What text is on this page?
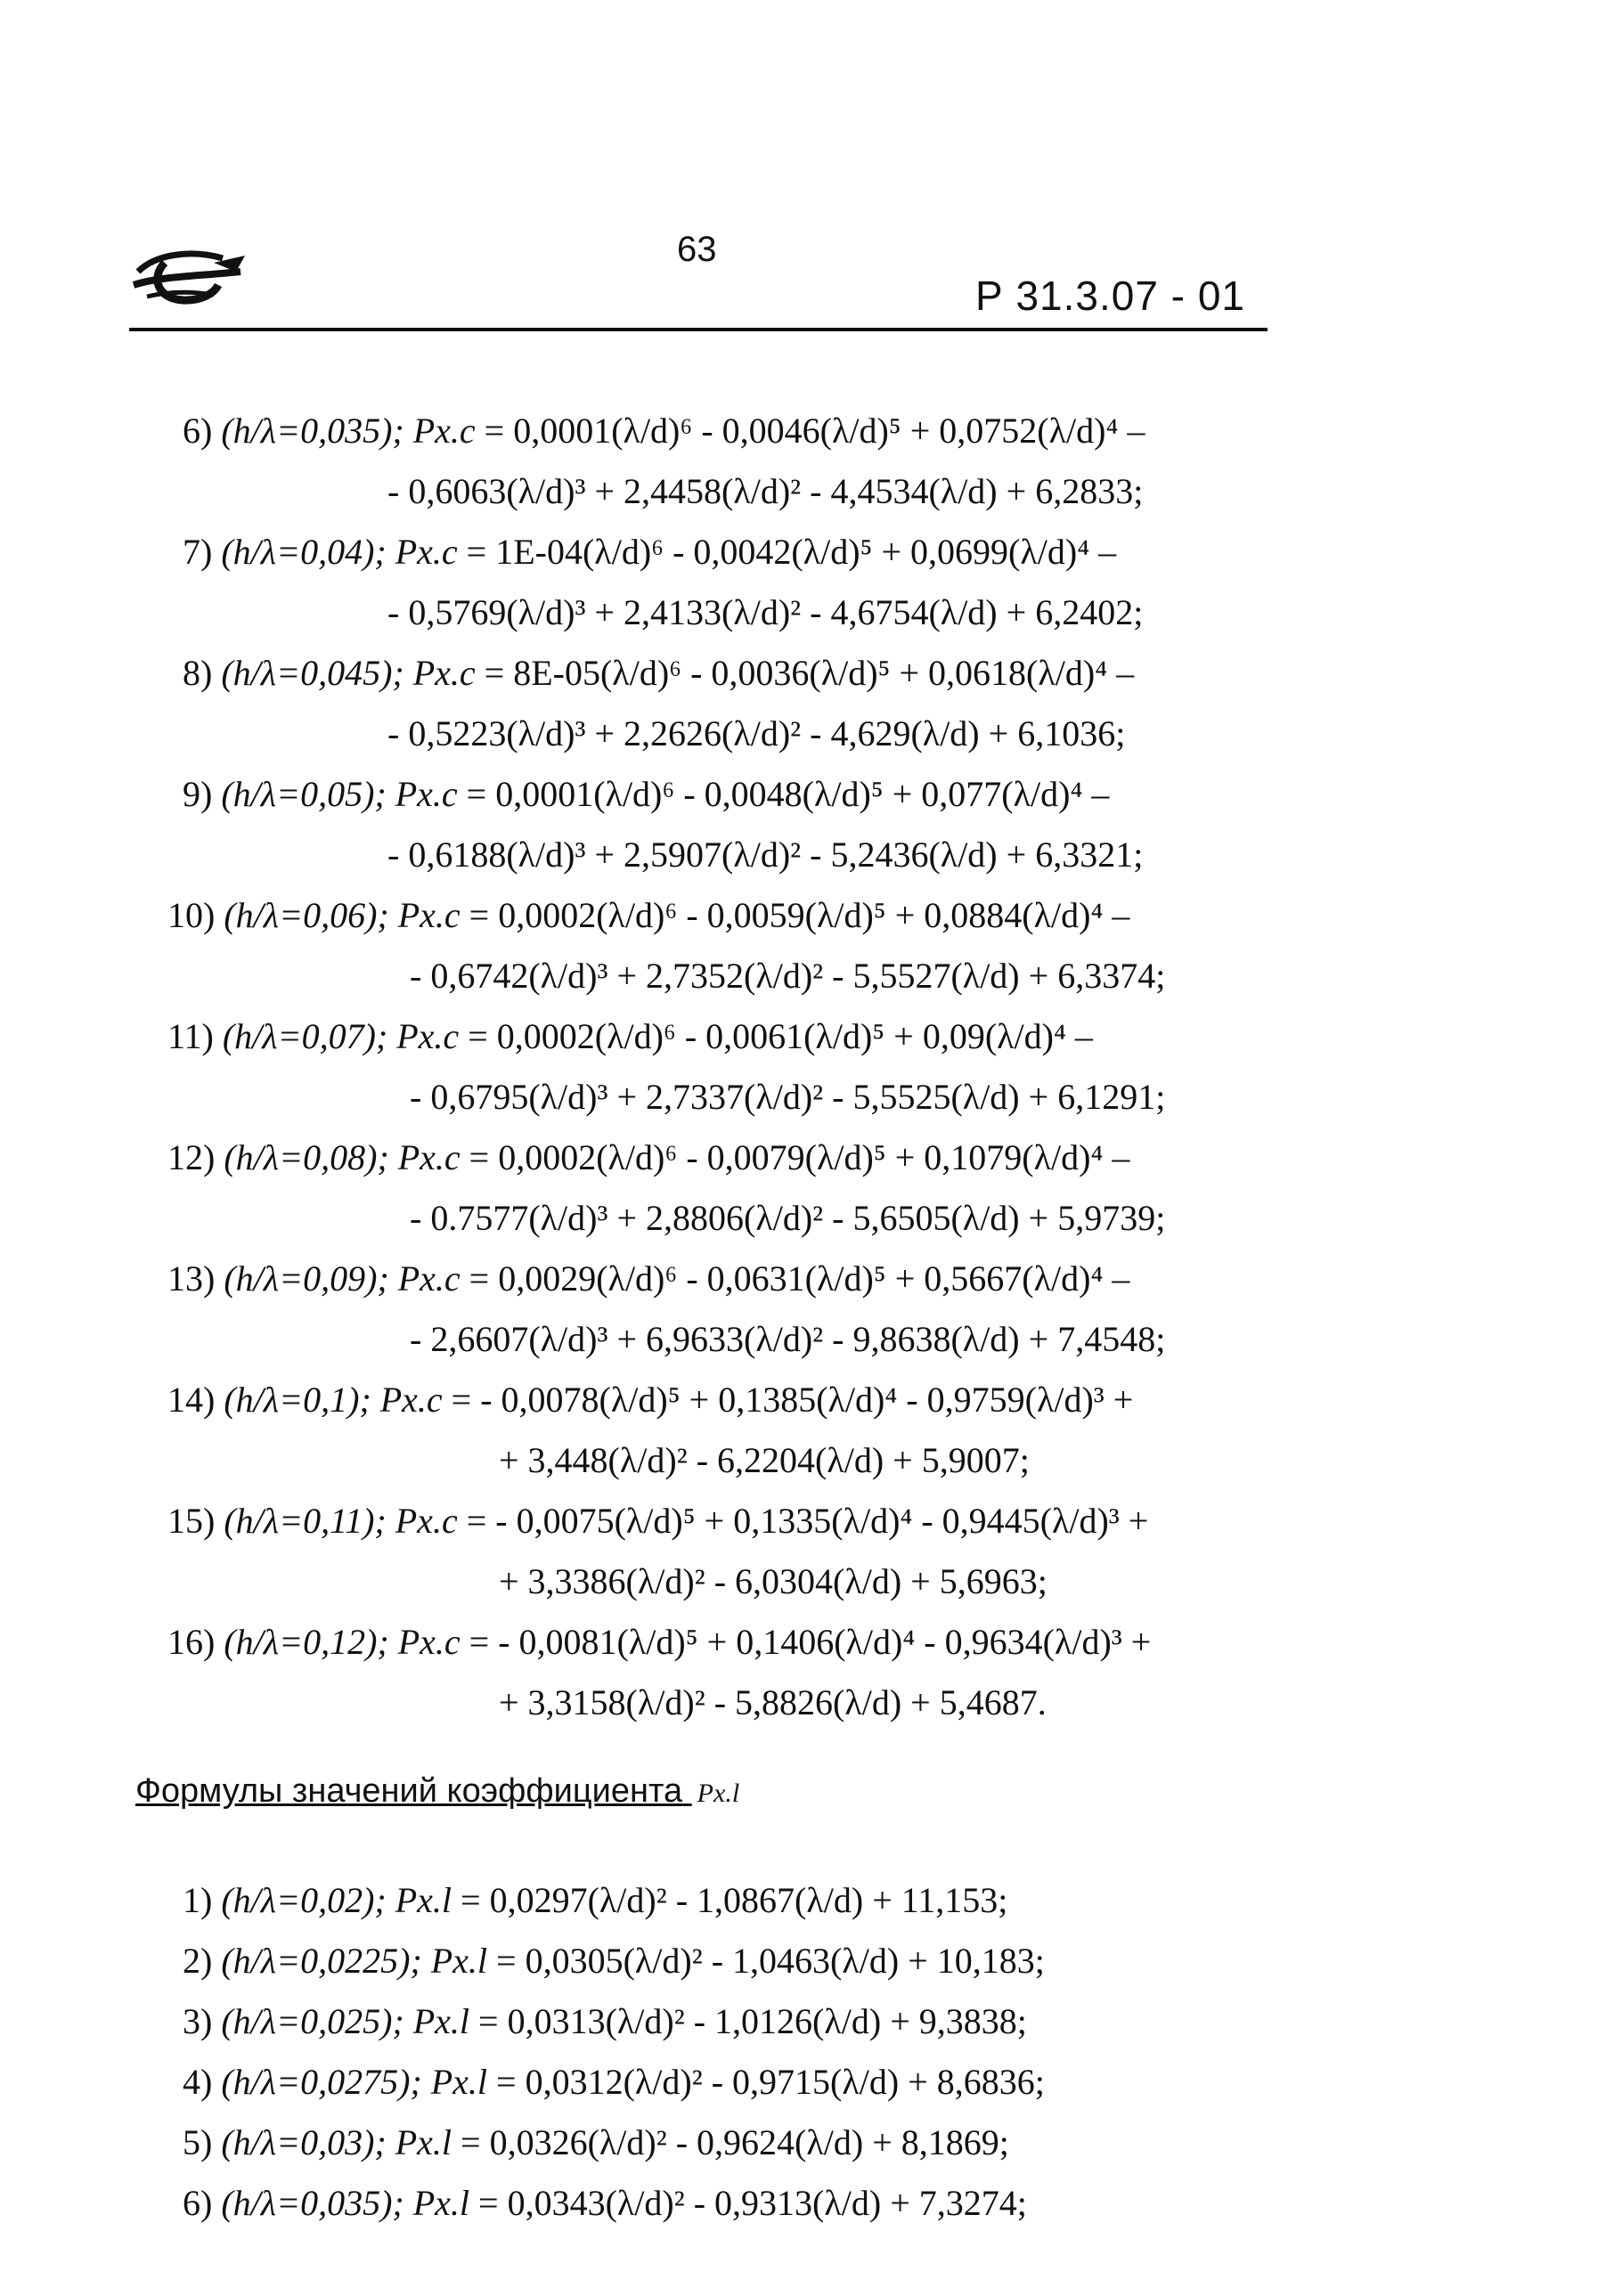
63
Р 31.3.07 - 01
6) (h/λ=0,035); Pх.с = 0,0001(λ/d)⁶ - 0,0046(λ/d)⁵ + 0,0752(λ/d)⁴ –
- 0,6063(λ/d)³ + 2,4458(λ/d)² - 4,4534(λ/d) + 6,2833;
7) (h/λ=0,04); Pх.с = 1E-04(λ/d)⁶ - 0,0042(λ/d)⁵ + 0,0699(λ/d)⁴ –
- 0,5769(λ/d)³ + 2,4133(λ/d)² - 4,6754(λ/d) + 6,2402;
8) (h/λ=0,045); Pх.с = 8E-05(λ/d)⁶ - 0,0036(λ/d)⁵ + 0,0618(λ/d)⁴ –
- 0,5223(λ/d)³ + 2,2626(λ/d)² - 4,629(λ/d) + 6,1036;
9) (h/λ=0,05); Pх.с = 0,0001(λ/d)⁶ - 0,0048(λ/d)⁵ + 0,077(λ/d)⁴ –
- 0,6188(λ/d)³ + 2,5907(λ/d)² - 5,2436(λ/d) + 6,3321;
10) (h/λ=0,06); Pх.с = 0,0002(λ/d)⁶ - 0,0059(λ/d)⁵ + 0,0884(λ/d)⁴ –
- 0,6742(λ/d)³ + 2,7352(λ/d)² - 5,5527(λ/d) + 6,3374;
11) (h/λ=0,07); Pх.с = 0,0002(λ/d)⁶ - 0,0061(λ/d)⁵ + 0,09(λ/d)⁴ –
- 0,6795(λ/d)³ + 2,7337(λ/d)² - 5,5525(λ/d) + 6,1291;
12) (h/λ=0,08); Pх.с = 0,0002(λ/d)⁶ - 0,0079(λ/d)⁵ + 0,1079(λ/d)⁴ –
- 0.7577(λ/d)³ + 2,8806(λ/d)² - 5,6505(λ/d) + 5,9739;
13) (h/λ=0,09); Pх.с = 0,0029(λ/d)⁶ - 0,0631(λ/d)⁵ + 0,5667(λ/d)⁴ –
- 2,6607(λ/d)³ + 6,9633(λ/d)² - 9,8638(λ/d) + 7,4548;
14) (h/λ=0,1); Pх.с = - 0,0078(λ/d)⁵ + 0,1385(λ/d)⁴ - 0,9759(λ/d)³ +
+ 3,448(λ/d)² - 6,2204(λ/d) + 5,9007;
15) (h/λ=0,11); Pх.с = - 0,0075(λ/d)⁵ + 0,1335(λ/d)⁴ - 0,9445(λ/d)³ +
+ 3,3386(λ/d)² - 6,0304(λ/d) + 5,6963;
16) (h/λ=0,12); Pх.с = - 0,0081(λ/d)⁵ + 0,1406(λ/d)⁴ - 0,9634(λ/d)³ +
+ 3,3158(λ/d)² - 5,8826(λ/d) + 5,4687.
Формулы значений коэффициента Pх.l
1) (h/λ=0,02); Pх.l = 0,0297(λ/d)² - 1,0867(λ/d) + 11,153;
2) (h/λ=0,0225); Pх.l = 0,0305(λ/d)² - 1,0463(λ/d) + 10,183;
3) (h/λ=0,025); Pх.l = 0,0313(λ/d)² - 1,0126(λ/d) + 9,3838;
4) (h/λ=0,0275); Pх.l = 0,0312(λ/d)² - 0,9715(λ/d) + 8,6836;
5) (h/λ=0,03); Pх.l = 0,0326(λ/d)² - 0,9624(λ/d) + 8,1869;
6) (h/λ=0,035); Pх.l = 0,0343(λ/d)² - 0,9313(λ/d) + 7,3274;
